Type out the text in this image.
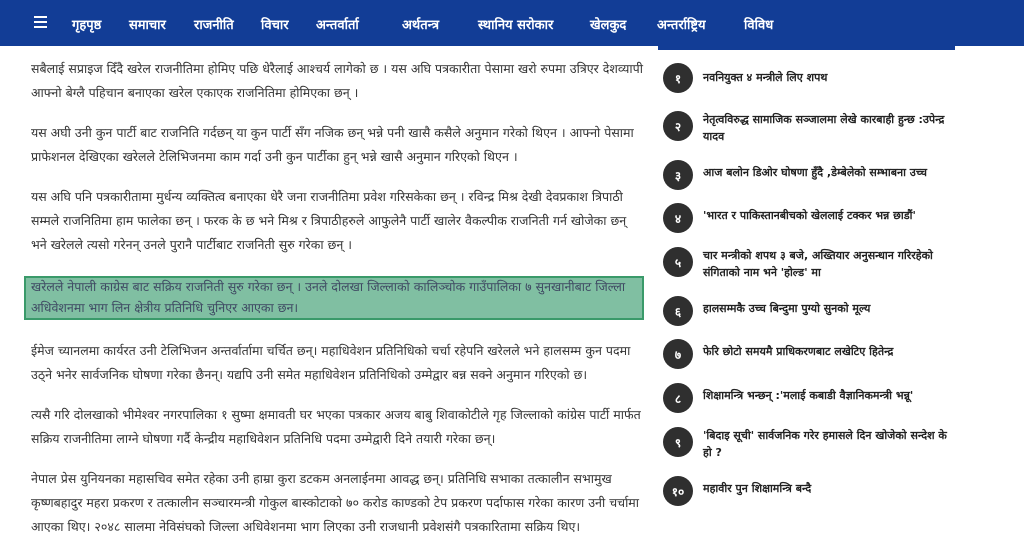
गृहपृष्ठ समाचार राजनीति विचार अन्तर्वार्ता	अर्थतन्त्र	स्थानिय सरोकार	खेलकुद अन्तर्राष्ट्रिय	विविध

सबैलाई सप्राइज दिँदै खरेल राजनीतिमा होमिए पछि धेरैलाई आश्चर्य लागेको छ । यस अघि पत्रकारीता पेसामा खरो रुपमा उत्रिएर देशव्यापी आफ्नो बेग्लै पहिचान बनाएका खरेल एकाएक राजनितिमा होमिएका छन् ।

यस अघी उनी कुन पार्टी बाट राजनिति गर्दछन् या कुन पार्टी सँग नजिक छन् भन्ने पनी खासै कसैले अनुमान गरेको थिएन । आफ्नो पेसामा प्राफेशनल देखिएका खरेलले टेलिभिजनमा काम गर्दा उनी कुन पार्टीका हुन् भन्ने खासै अनुमान गरिएको थिएन ।

यस अघि पनि पत्रकारीतामा मुर्धन्य व्यक्तित्व बनाएका धेरै जना राजनीतिमा प्रवेश गरिसकेका छन् । रविन्द्र मिश्र देखी देवप्रकाश त्रिपाठी सम्मले राजनितिमा हाम फालेका छन् । फरक के छ भने मिश्र र त्रिपाठीहरुले आफुलेनै पार्टी खालेर वैकल्पीक राजनिती गर्न खोजेका छन् भने खरेलले त्यसो गरेनन् उनले पुरानै पार्टीबाट राजनिती सुरु गरेका छन् ।

खरेलले नेपाली काग्रेस बाट सक्रिय राजनिती सुरु गरेका छन् । उनले दोलखा जिल्लाको कालिञ्चोक गाउँपालिका ७ सुनखानीबाट जिल्ला अधिवेशनमा भाग लिन क्षेत्रीय प्रतिनिधि चुनिएर आएका छन।

ईमेज च्यानलमा कार्यरत उनी टेलिभिजन अन्तर्वार्तामा चर्चित छन्। महाधिवेशन प्रतिनिधिको चर्चा रहेपनि खरेलले भने हालसम्म कुन पदमा उठ्ने भनेर सार्वजनिक घोषणा गरेका छैनन्। यद्यपि उनी समेत महाधिवेशन प्रतिनिधिको उम्मेद्वार बन्न सक्ने अनुमान गरिएको छ।

त्यसै गरि दोलखाको भीमेश्वर नगरपालिका १ सुष्मा क्षमावती घर भएका पत्रकार अजय बाबु शिवाकोटीले गृह जिल्लाको कांग्रेस पार्टी मार्फत सक्रिय राजनीतिमा लाग्ने घोषणा गर्दै केन्द्रीय महाधिवेशन प्रतिनिधि पदमा उम्मेद्वारी दिने तयारी गरेका छन्।

नेपाल प्रेस युनियनका महासचिव समेत रहेका उनी हाम्रा कुरा डटकम अनलाईनमा आवद्ध छन्। प्रतिनिधि सभाका तत्कालीन सभामुख कृष्णबहादुर महरा प्रकरण र तत्कालीन सञ्चारमन्त्री गोकुल बास्कोटाको ७० करोड काण्डको टेप प्रकरण पर्दाफास गरेका कारण उनी चर्चामा आएका थिए। २०४८ सालमा नेविसंघको जिल्ला अधिवेशनमा भाग लिएका उनी राजधानी प्रवेशसंगै पत्रकारितामा सक्रिय थिए।

१	नवनियुक्त ४ मन्त्रीले लिए शपथ
२	नेतृत्वविरुद्ध सामाजिक सञ्जालमा लेखे कारबाही हुन्छ :उपेन्द्र यादव
३	आज बलोन डिओर घोषणा हुँदै ,डेम्बेलेको सम्भाबना उच्च
४	'भारत र पाकिस्तानबीचको खेललाई टक्कर भन्न छाडौं'
५	चार मन्त्रीको शपथ ३ बजे, अख्तियार अनुसन्धान गरिरहेको संगिताको नाम भने 'होल्ड' मा
६	हालसम्मकै उच्च बिन्दुमा पुग्यो सुनको मूल्य
७	फेरि छोटो समयमै प्राधिकरणबाट लखेटिए हितेन्द्र
८	शिक्षामन्त्रि भन्छन् :'मलाई कबाडी वैज्ञानिकमन्त्री भन्नू'
९	'बिदाइ सूची' सार्वजनिक गरेर हमासले दिन खोजेको सन्देश के हो ?
१०	महावीर पुन शिक्षामन्त्रि बन्दै
